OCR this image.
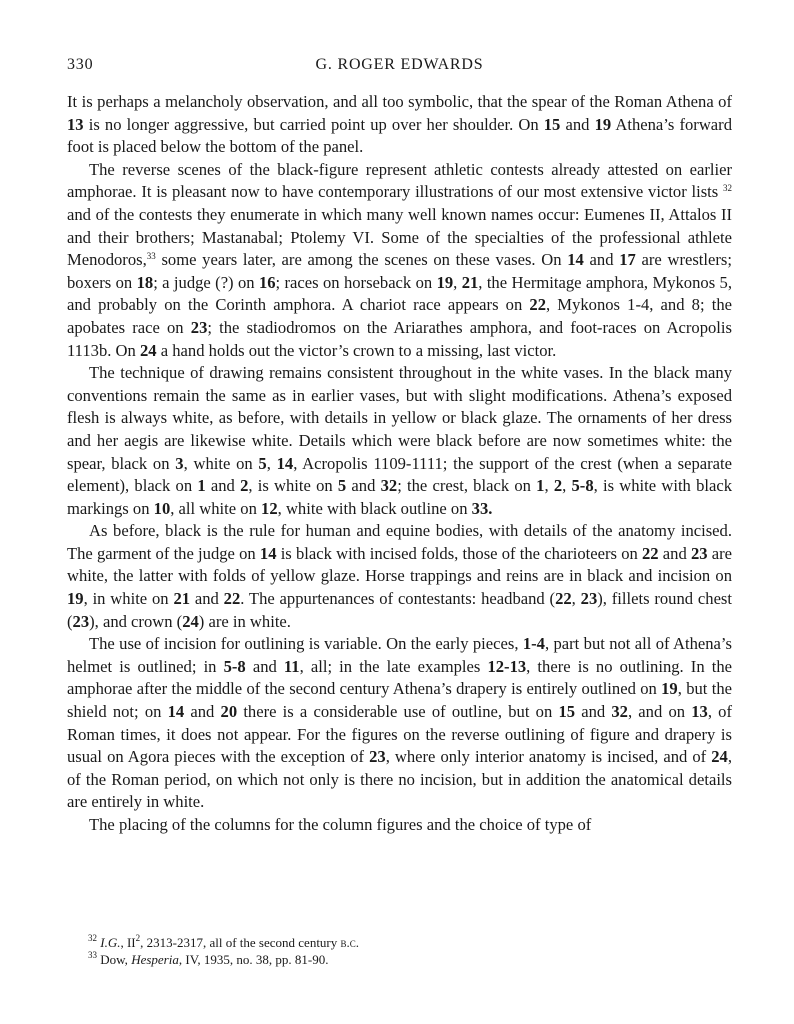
330	G. ROGER EDWARDS

It is perhaps a melancholy observation, and all too symbolic, that the spear of the Roman Athena of 13 is no longer aggressive, but carried point up over her shoulder. On 15 and 19 Athena’s forward foot is placed below the bottom of the panel.

The reverse scenes of the black-figure represent athletic contests already attested on earlier amphorae. It is pleasant now to have contemporary illustrations of our most extensive victor lists $^{32}$ and of the contests they enumerate in which many well known names occur: Eumenes II, Attalos II and their brothers; Mastanabal; Ptolemy VI. Some of the specialties of the professional athlete Menodoros,$^{33}$ some years later, are among the scenes on these vases. On 14 and 17 are wrestlers; boxers on 18; a judge (?) on 16; races on horseback on 19, 21, the Hermitage amphora, Mykonos 5, and probably on the Corinth amphora. A chariot race appears on 22, Mykonos 1-4, and 8; the apobates race on 23; the stadiodromos on the Ariarathes amphora, and foot-races on Acropolis 1113b. On 24 a hand holds out the victor’s crown to a missing, last victor.

The technique of drawing remains consistent throughout in the white vases. In the black many conventions remain the same as in earlier vases, but with slight modifications. Athena’s exposed flesh is always white, as before, with details in yellow or black glaze. The ornaments of her dress and her aegis are likewise white. Details which were black before are now sometimes white: the spear, black on 3, white on 5, 14, Acropolis 1109-1111; the support of the crest (when a separate element), black on 1 and 2, is white on 5 and 32; the crest, black on 1, 2, 5-8, is white with black markings on 10, all white on 12, white with black outline on 33.

As before, black is the rule for human and equine bodies, with details of the anatomy incised. The garment of the judge on 14 is black with incised folds, those of the charioteers on 22 and 23 are white, the latter with folds of yellow glaze. Horse trappings and reins are in black and incision on 19, in white on 21 and 22. The appurtenances of contestants: headband (22, 23), fillets round chest (23), and crown (24) are in white.

The use of incision for outlining is variable. On the early pieces, 1-4, part but not all of Athena’s helmet is outlined; in 5-8 and 11, all; in the late examples 12-13, there is no outlining. In the amphorae after the middle of the second century Athena’s drapery is entirely outlined on 19, but the shield not; on 14 and 20 there is a considerable use of outline, but on 15 and 32, and on 13, of Roman times, it does not appear. For the figures on the reverse outlining of figure and drapery is usual on Agora pieces with the exception of 23, where only interior anatomy is incised, and of 24, of the Roman period, on which not only is there no incision, but in addition the anatomical details are entirely in white.

The placing of the columns for the column figures and the choice of type of

$^{32}$ I.G., $II^2$, 2313-2317, all of the second century b.c.
$^{33}$ Dow, Hesperia, IV, 1935, no. 38, pp. 81-90.
